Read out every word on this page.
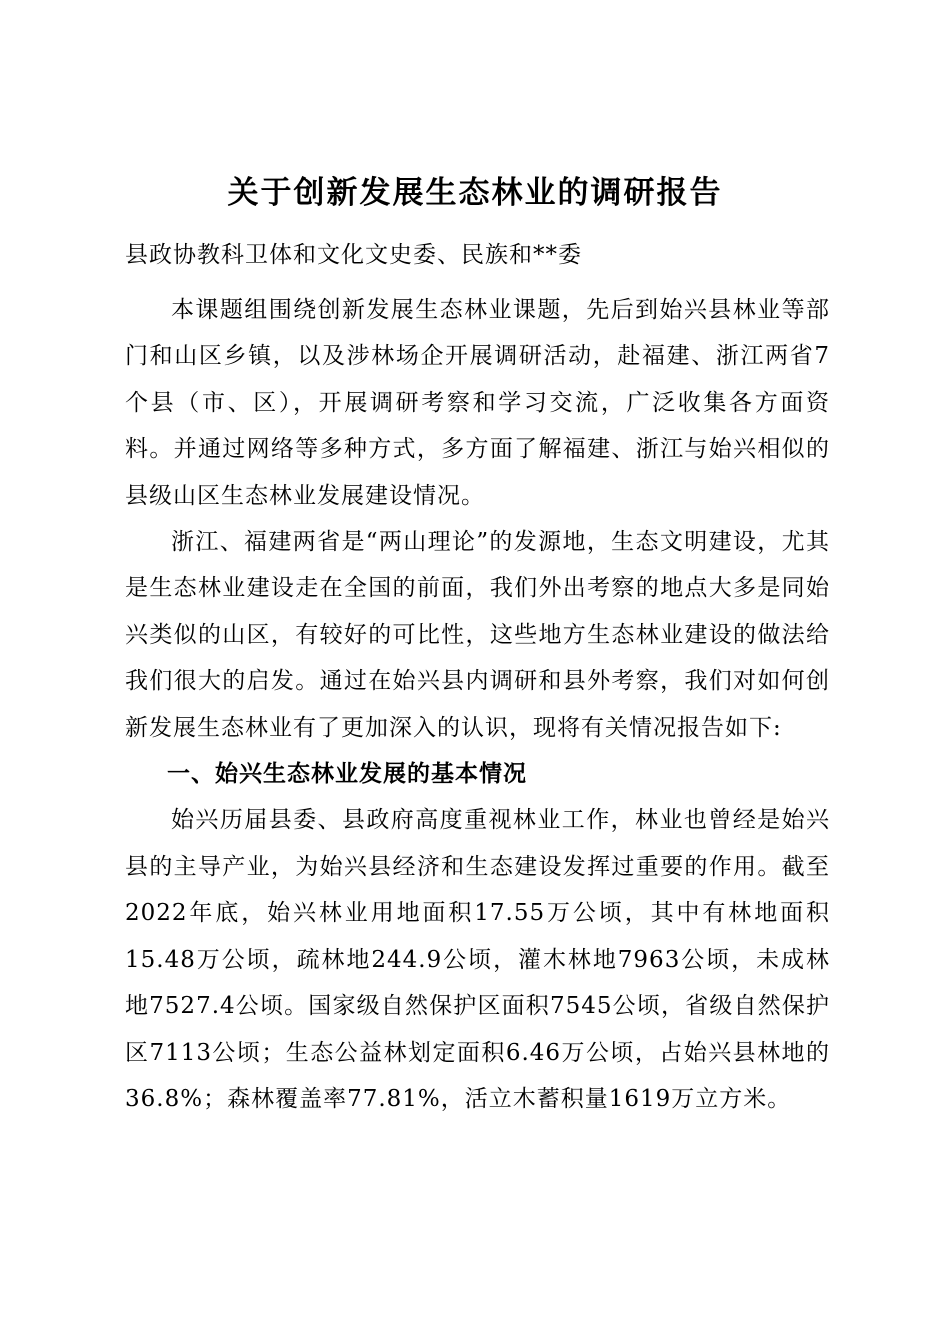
关于创新发展生态林业的调研报告

县政协教科卫体和文化文史委、民族和**委

本课题组围绕创新发展生态林业课题，先后到始兴县林业等部门和山区乡镇，以及涉林场企开展调研活动，赴福建、浙江两省7个县（市、区），开展调研考察和学习交流，广泛收集各方面资料。并通过网络等多种方式，多方面了解福建、浙江与始兴相似的县级山区生态林业发展建设情况。

浙江、福建两省是“两山理论”的发源地，生态文明建设，尤其是生态林业建设走在全国的前面，我们外出考察的地点大多是同始兴类似的山区，有较好的可比性，这些地方生态林业建设的做法给我们很大的启发。通过在始兴县内调研和县外考察，我们对如何创新发展生态林业有了更加深入的认识，现将有关情况报告如下:

一、始兴生态林业发展的基本情况

始兴历届县委、县政府高度重视林业工作，林业也曾经是始兴县的主导产业，为始兴县经济和生态建设发挥过重要的作用。截至2022年底，始兴林业用地面积17.55万公顷，其中有林地面积15.48万公顷，疏林地244.9公顷，灌木林地7963公顷，未成林地7527.4公顷。国家级自然保护区面积7545公顷，省级自然保护区7113公顷；生态公益林划定面积6.46万公顷，占始兴县林地的36.8%；森林覆盖率77.81%，活立木蓄积量1619万立方米。
